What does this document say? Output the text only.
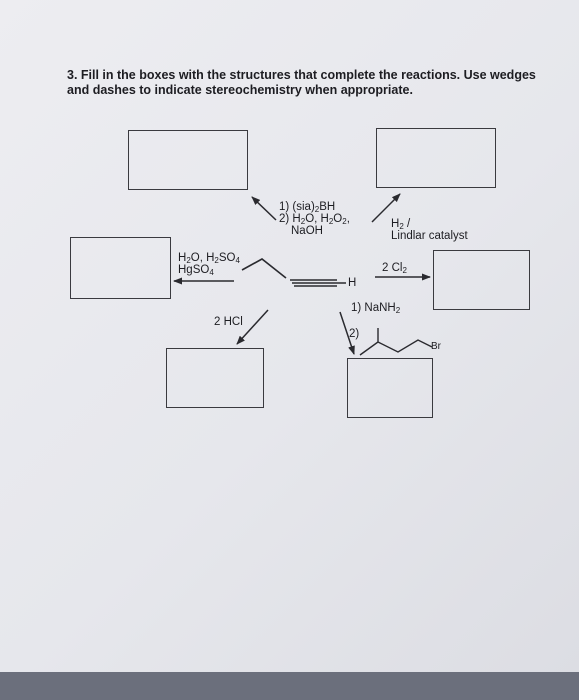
3. Fill in the boxes with the structures that complete the reactions. Use wedges
and dashes to indicate stereochemistry when appropriate.
1) $(sia)_2BH$
2) $H_2O$, $H_2O_2$,
NaOH
$H_2$ /
Lindlar catalyst
$H_2O$, $H_2SO_4$
HgSO$_4$	2 $Cl_2$
2 HCl
1) NaNH$_2$
2)
H
Br
